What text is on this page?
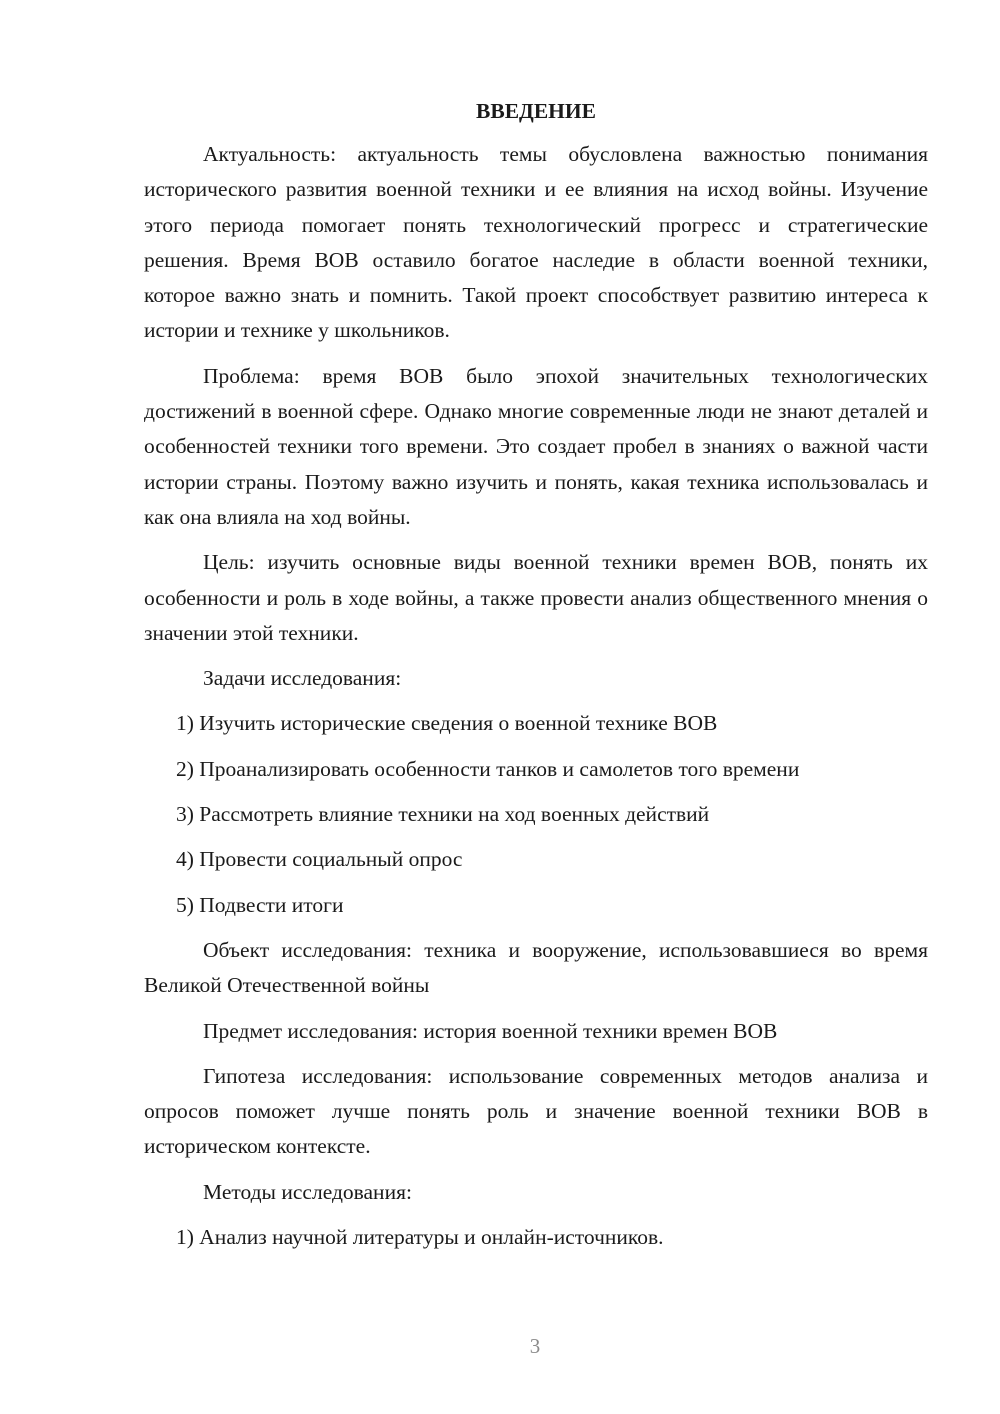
ВВЕДЕНИЕ
Актуальность: актуальность темы обусловлена важностью понимания исторического развития военной техники и ее влияния на исход войны. Изучение этого периода помогает понять технологический прогресс и стратегические решения. Время ВОВ оставило богатое наследие в области военной техники, которое важно знать и помнить. Такой проект способствует развитию интереса к истории и технике у школьников.
Проблема: время ВОВ было эпохой значительных технологических достижений в военной сфере. Однако многие современные люди не знают деталей и особенностей техники того времени. Это создает пробел в знаниях о важной части истории страны. Поэтому важно изучить и понять, какая техника использовалась и как она влияла на ход войны.
Цель: изучить основные виды военной техники времен ВОВ, понять их особенности и роль в ходе войны, а также провести анализ общественного мнения о значении этой техники.
Задачи исследования:
1) Изучить исторические сведения о военной технике ВОВ
2) Проанализировать особенности танков и самолетов того времени
3) Рассмотреть влияние техники на ход военных действий
4) Провести социальный опрос
5) Подвести итоги
Объект исследования: техника и вооружение, использовавшиеся во время Великой Отечественной войны
Предмет исследования: история военной техники времен ВОВ
Гипотеза исследования: использование современных методов анализа и опросов поможет лучше понять роль и значение военной техники ВОВ в историческом контексте.
Методы исследования:
1) Анализ научной литературы и онлайн-источников.
3
